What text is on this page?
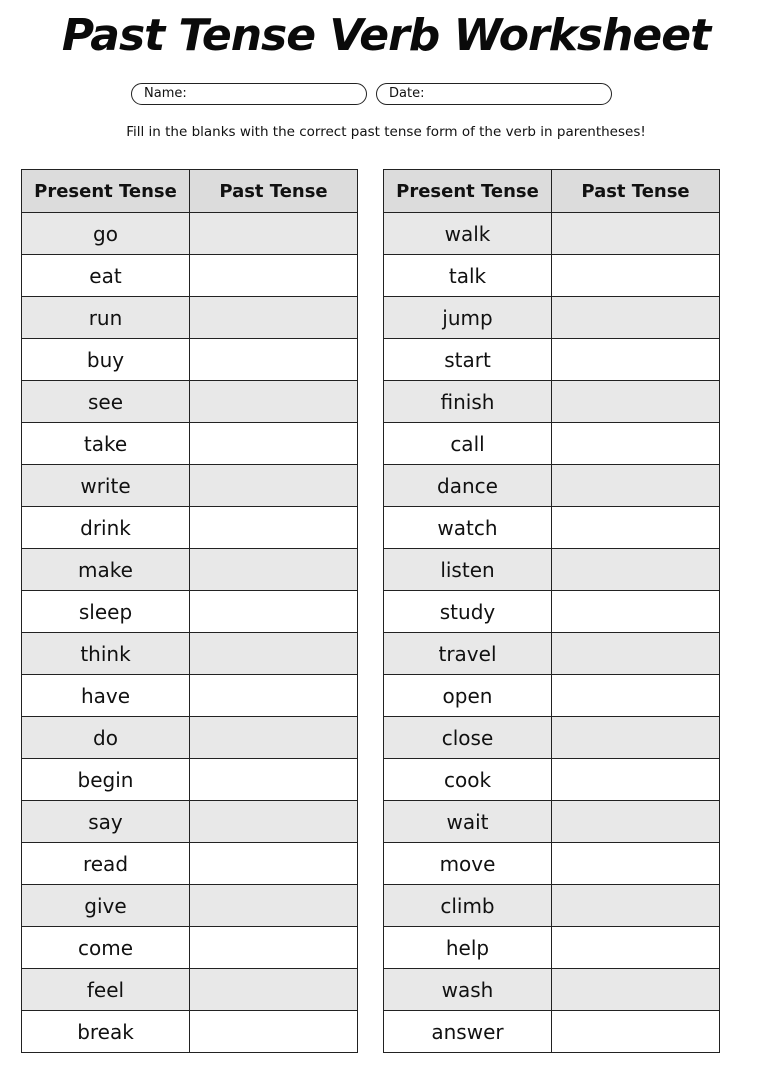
Past Tense Verb Worksheet
Name:	Date:
Fill in the blanks with the correct past tense form of the verb in parentheses!
Present Tense	Past Tense
go	
eat	
run	
buy	
see	
take	
write	
drink	
make	
sleep	
think	
have	
do	
begin	
say	
read	
give	
come	
feel	
break	
Present Tense	Past Tense
walk	
talk	
jump	
start	
finish	
call	
dance	
watch	
listen	
study	
travel	
open	
close	
cook	
wait	
move	
climb	
help	
wash	
answer	
